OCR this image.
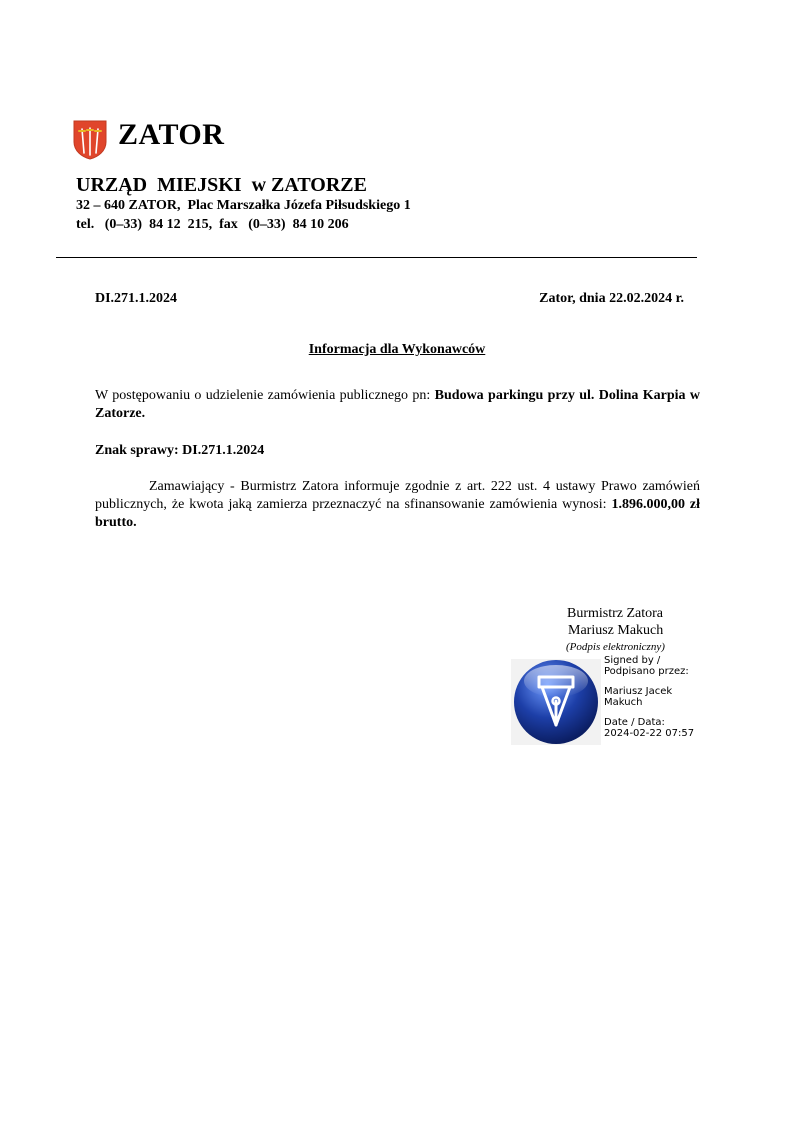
ZATOR
URZĄD  MIEJSKI  w ZATORZE
32 – 640 ZATOR,  Plac Marszałka Józefa Piłsudskiego 1
tel.   (0–33)  84 12  215,  fax   (0–33)  84 10 206
DI.271.1.2024	Zator, dnia 22.02.2024 r.
Informacja dla Wykonawców
W postępowaniu o udzielenie zamówienia publicznego pn: Budowa parkingu przy ul. Dolina Karpia w Zatorze.
Znak sprawy: DI.271.1.2024
Zamawiający - Burmistrz Zatora informuje zgodnie z art. 222 ust. 4 ustawy Prawo zamówień publicznych, że kwota jaką zamierza przeznaczyć na sfinansowanie zamówienia wynosi: 1.896.000,00 zł brutto.
Burmistrz Zatora
Mariusz Makuch
(Podpis elektroniczny)
Signed by /
Podpisano przez:
Mariusz Jacek
Makuch
Date / Data:
2024-02-22 07:57
